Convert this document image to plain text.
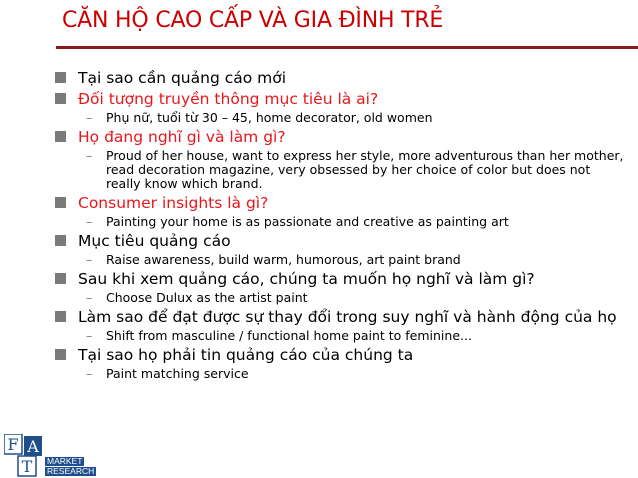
CĂN HỘ CAO CẤP VÀ GIA ĐÌNH TRẺ
Tại sao cần quảng cáo mới
Đối tượng truyền thông mục tiêu là ai?
– Phụ nữ, tuổi từ 30 – 45, home decorator, old women
Họ đang nghĩ gì và làm gì?
– Proud of her house, want to express her style, more adventurous than her mother, read decoration magazine, very obsessed by her choice of color but does not really know which brand.
Consumer insights là gì?
– Painting your home is as passionate and creative as painting art
Mục tiêu quảng cáo
– Raise awareness, build warm, humorous, art paint brand
Sau khi xem quảng cáo, chúng ta muốn họ nghĩ và làm gì?
– Choose Dulux as the artist paint
Làm sao để đạt được sự thay đổi trong suy nghĩ và hành động của họ
– Shift from masculine / functional home paint to feminine...
Tại sao họ phải tin quảng cáo của chúng ta
– Paint matching service
F A
T MARKET
RESEARCH
